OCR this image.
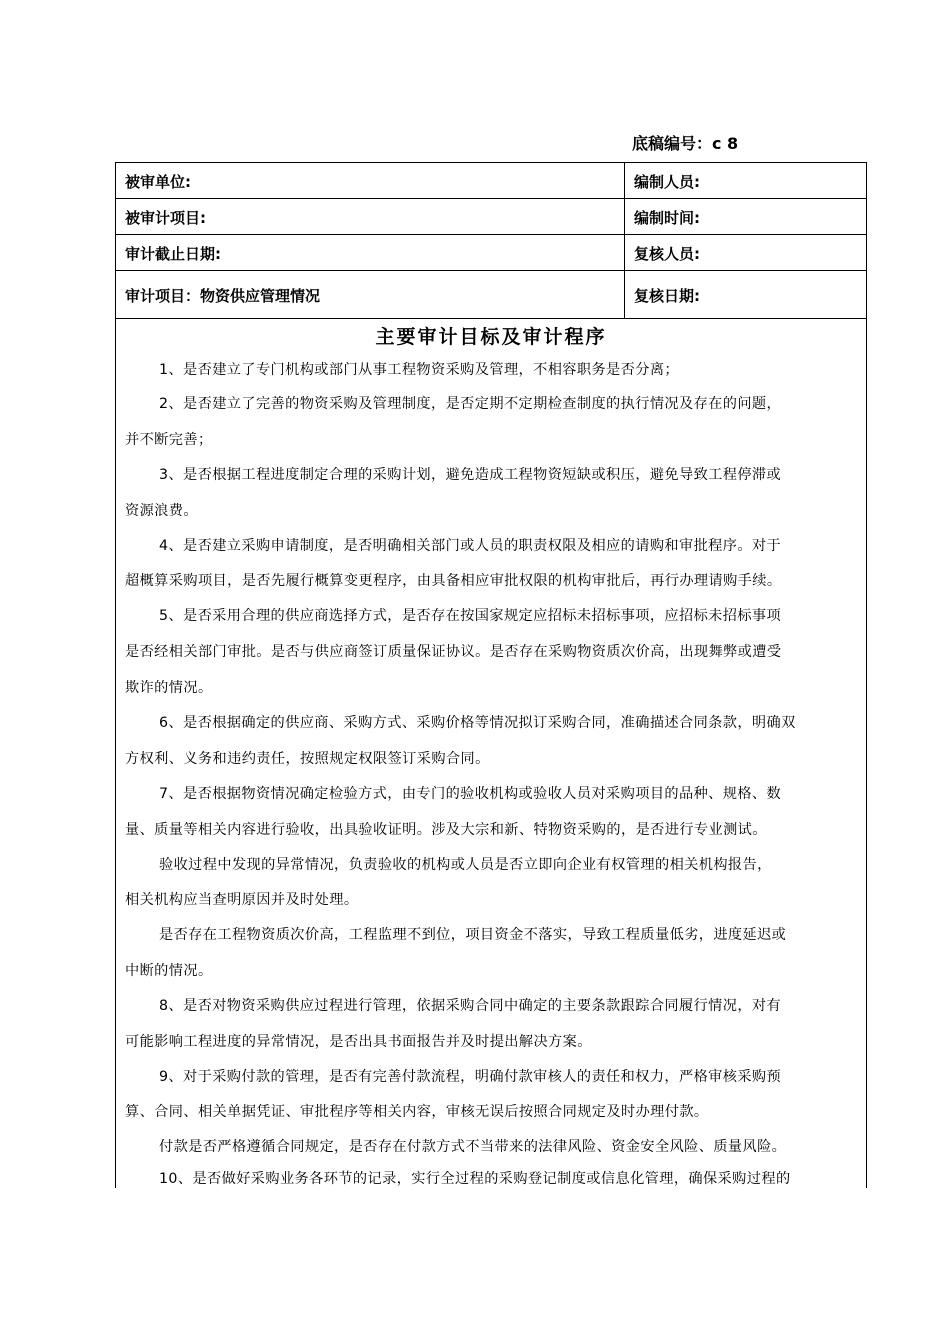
底稿编号：c 8
被审单位:	编制人员:
被审计项目:	编制时间:
审计截止日期:	复核人员:
审计项目：物资供应管理情况	复核日期:
主要审计目标及审计程序
1、是否建立了专门机构或部门从事工程物资采购及管理，不相容职务是否分离；
2、是否建立了完善的物资采购及管理制度，是否定期不定期检查制度的执行情况及存在的问题，
并不断完善；
3、是否根据工程进度制定合理的采购计划，避免造成工程物资短缺或积压，避免导致工程停滞或
资源浪费。
4、是否建立采购申请制度，是否明确相关部门或人员的职责权限及相应的请购和审批程序。对于
超概算采购项目，是否先履行概算变更程序，由具备相应审批权限的机构审批后，再行办理请购手续。
5、是否采用合理的供应商选择方式，是否存在按国家规定应招标未招标事项，应招标未招标事项
是否经相关部门审批。是否与供应商签订质量保证协议。是否存在采购物资质次价高，出现舞弊或遭受
欺诈的情况。
6、是否根据确定的供应商、采购方式、采购价格等情况拟订采购合同，准确描述合同条款，明确双
方权利、义务和违约责任，按照规定权限签订采购合同。
7、是否根据物资情况确定检验方式，由专门的验收机构或验收人员对采购项目的品种、规格、数
量、质量等相关内容进行验收，出具验收证明。涉及大宗和新、特物资采购的，是否进行专业测试。
验收过程中发现的异常情况，负责验收的机构或人员是否立即向企业有权管理的相关机构报告，
相关机构应当查明原因并及时处理。
是否存在工程物资质次价高，工程监理不到位，项目资金不落实，导致工程质量低劣，进度延迟或
中断的情况。
8、是否对物资采购供应过程进行管理，依据采购合同中确定的主要条款跟踪合同履行情况，对有
可能影响工程进度的异常情况，是否出具书面报告并及时提出解决方案。
9、对于采购付款的管理，是否有完善付款流程，明确付款审核人的责任和权力，严格审核采购预
算、合同、相关单据凭证、审批程序等相关内容，审核无误后按照合同规定及时办理付款。
付款是否严格遵循合同规定，是否存在付款方式不当带来的法律风险、资金安全风险、质量风险。
10、是否做好采购业务各环节的记录，实行全过程的采购登记制度或信息化管理，确保采购过程的
